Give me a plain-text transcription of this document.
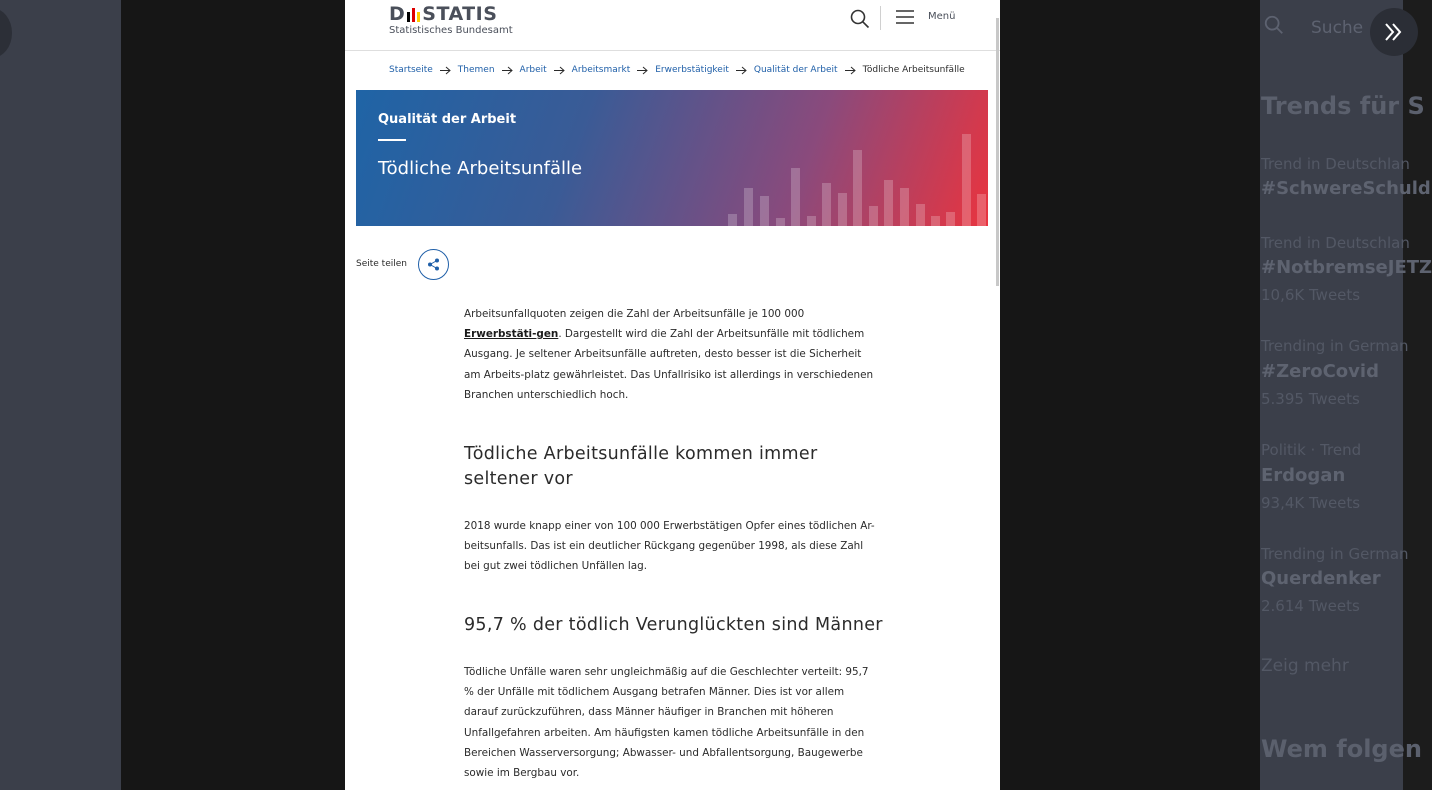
Suche
Trends für S
Trend in Deutschlan
#SchwereSchuld
Trend in Deutschlan
#NotbremseJETZ
10,6K Tweets
Trending in German
#ZeroCovid
5.395 Tweets
Politik · Trend
Erdogan
93,4K Tweets
Trending in German
Querdenker
2.614 Tweets
Zeig mehr
Wem folgen
D STATIS
Statistisches Bundesamt
Menü
Startseite	Themen	Arbeit	Arbeitsmarkt	Erwerbstätigkeit	Qualität der Arbeit	Tödliche Arbeitsunfälle
Qualität der Arbeit
Tödliche Arbeitsunfälle
Seite teilen

Arbeitsunfallquoten zeigen die Zahl der Arbeitsunfälle je 100 000 Erwerbstäti-gen. Dargestellt wird die Zahl der Arbeitsunfälle mit tödlichem Ausgang. Je seltener Arbeitsunfälle auftreten, desto besser ist die Sicherheit am Arbeits-platz gewährleistet. Das Unfallrisiko ist allerdings in verschiedenen Branchen unterschiedlich hoch.

Tödliche Arbeitsunfälle kommen immer seltener vor

2018 wurde knapp einer von 100 000 Erwerbstätigen Opfer eines tödlichen Ar-beitsunfalls. Das ist ein deutlicher Rückgang gegenüber 1998, als diese Zahl bei gut zwei tödlichen Unfällen lag.

95,7 % der tödlich Verunglückten sind Männer

Tödliche Unfälle waren sehr ungleichmäßig auf die Geschlechter verteilt: 95,7 % der Unfälle mit tödlichem Ausgang betrafen Männer. Dies ist vor allem darauf zurückzuführen, dass Männer häufiger in Branchen mit höheren Unfallgefahren arbeiten. Am häufigsten kamen tödliche Arbeitsunfälle in den Bereichen Wasserversorgung; Abwasser- und Abfallentsorgung, Baugewerbe sowie im Bergbau vor.
